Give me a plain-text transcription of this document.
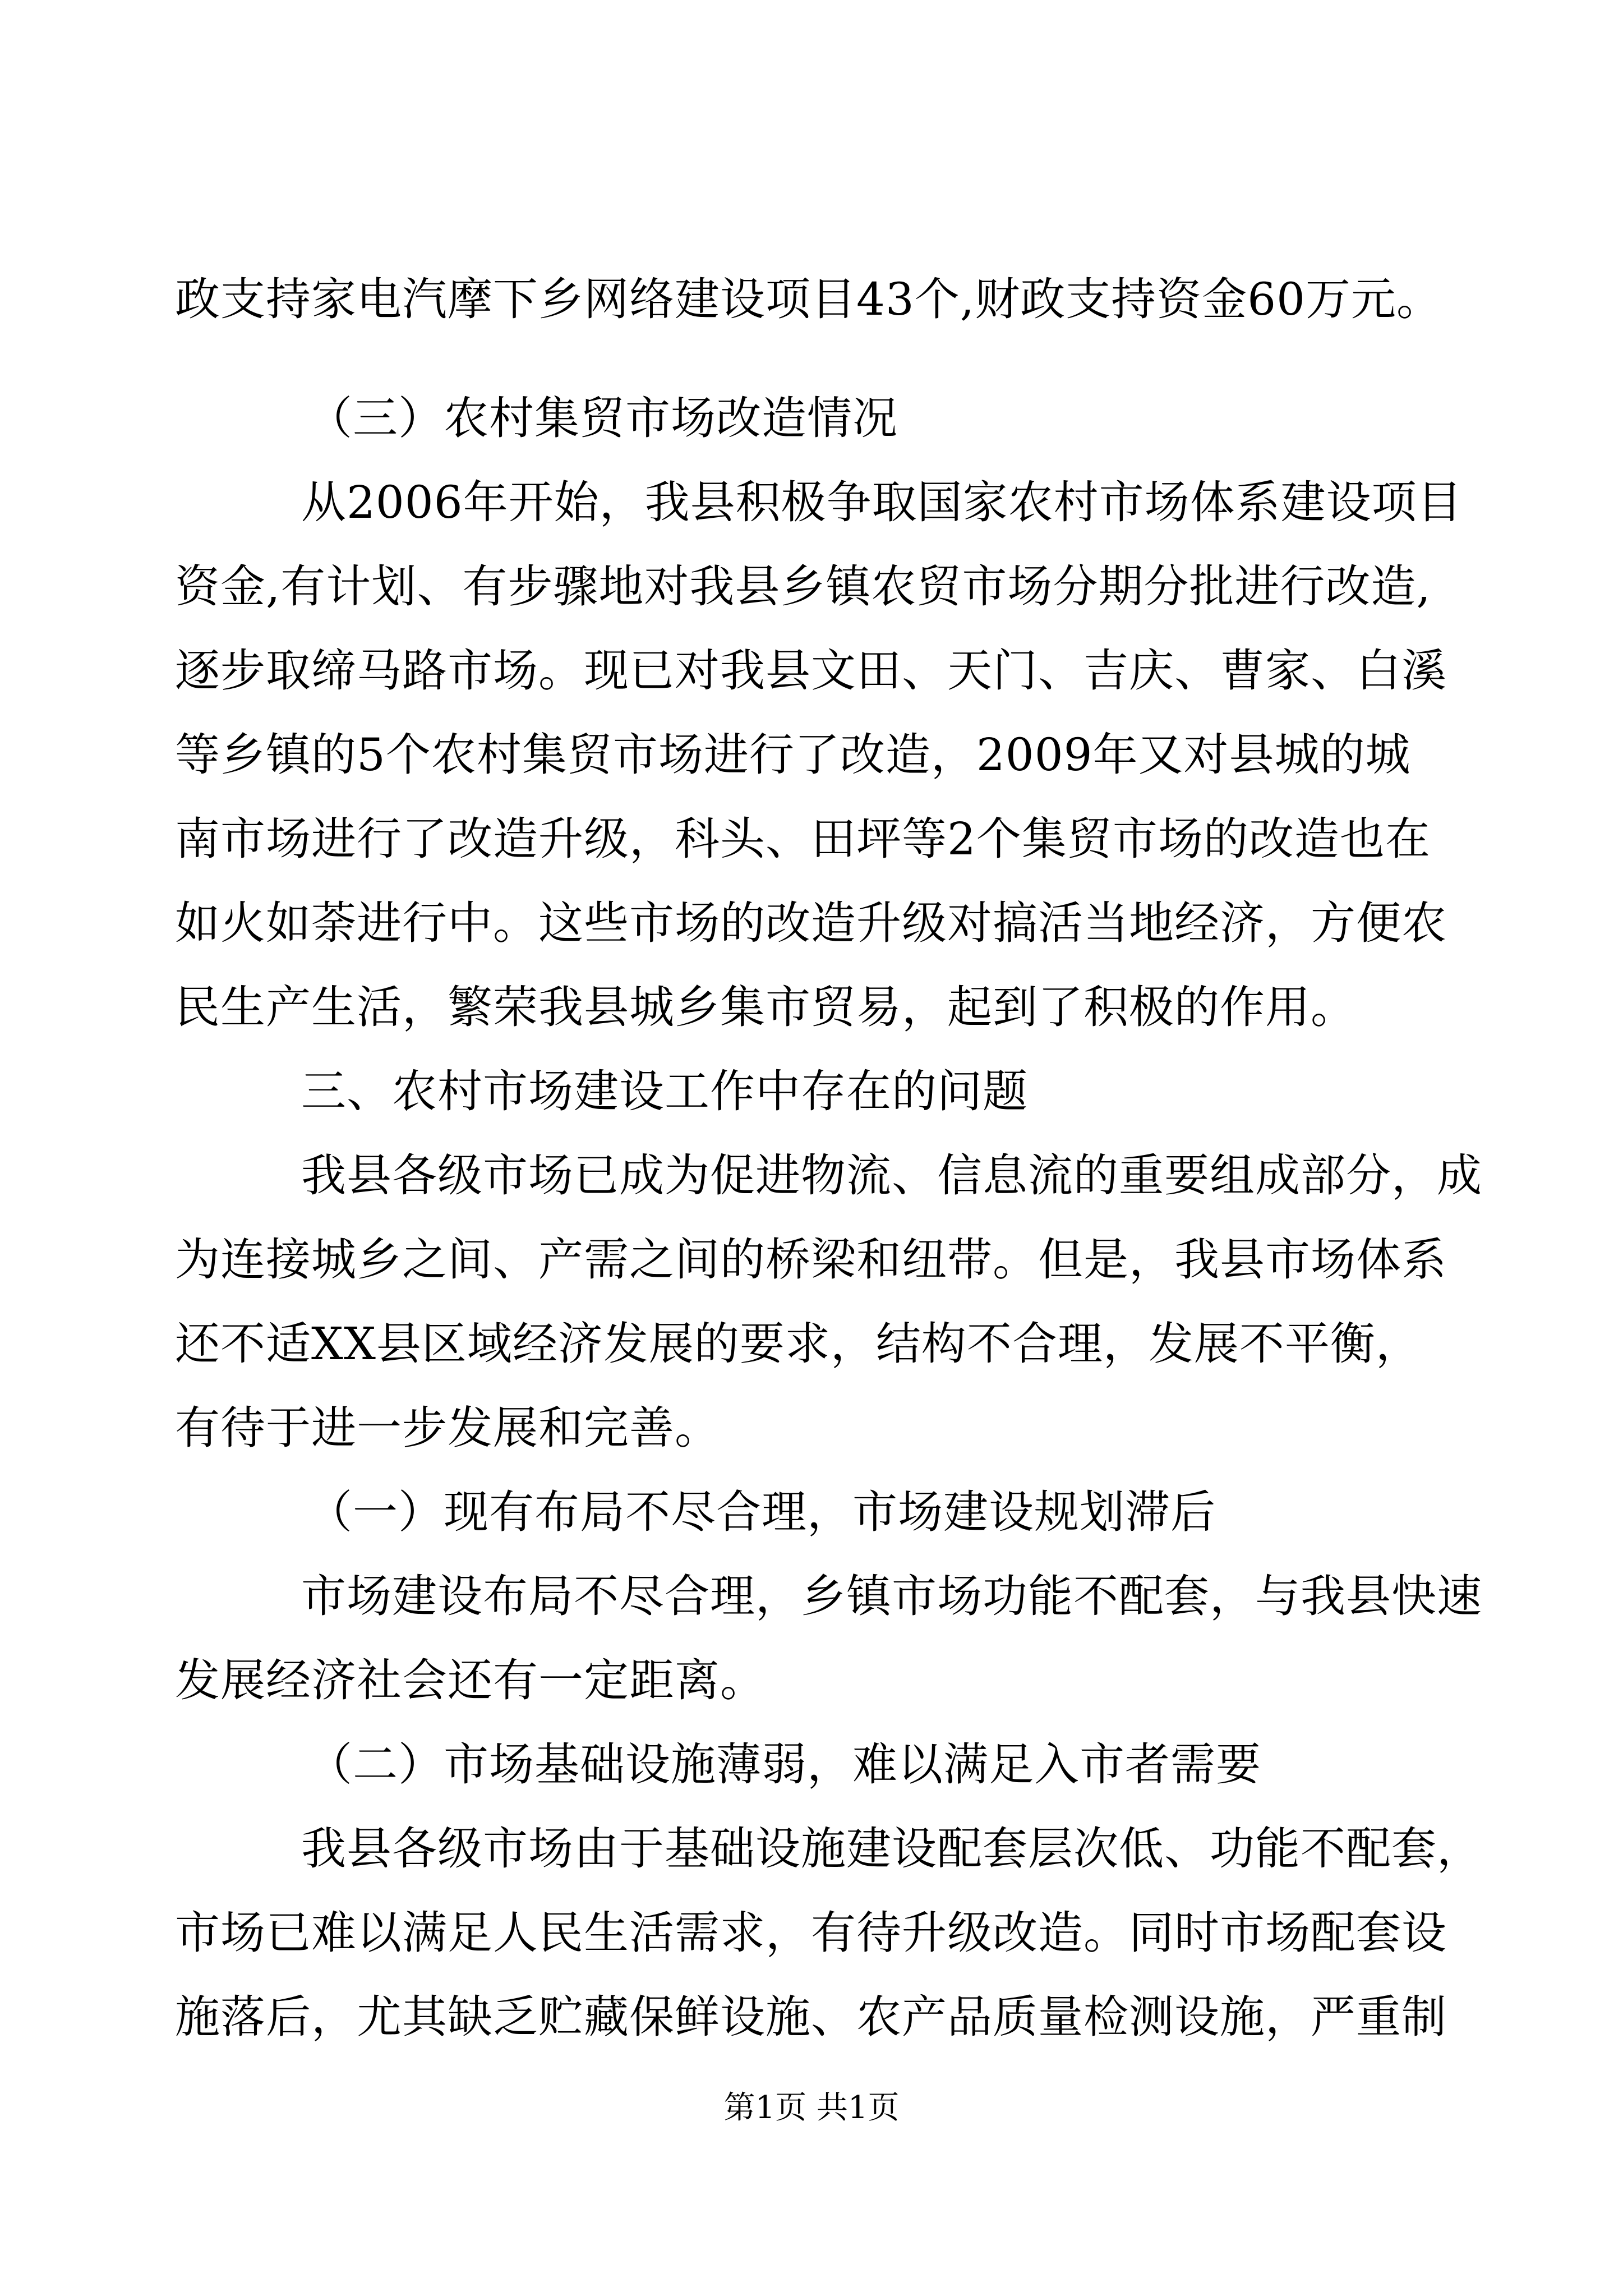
政支持家电汽摩下乡网络建设项目43个,财政支持资金60万元。
（三）农村集贸市场改造情况
从2006年开始，我县积极争取国家农村市场体系建设项目
资金,有计划、有步骤地对我县乡镇农贸市场分期分批进行改造,
逐步取缔马路市场。现已对我县文田、天门、吉庆、曹家、白溪
等乡镇的5个农村集贸市场进行了改造，2009年又对县城的城
南市场进行了改造升级，科头、田坪等2个集贸市场的改造也在
如火如荼进行中。这些市场的改造升级对搞活当地经济，方便农
民生产生活，繁荣我县城乡集市贸易，起到了积极的作用。
三、农村市场建设工作中存在的问题
我县各级市场已成为促进物流、信息流的重要组成部分，成
为连接城乡之间、产需之间的桥梁和纽带。但是，我县市场体系
还不适XX县区域经济发展的要求，结构不合理，发展不平衡，
有待于进一步发展和完善。
（一）现有布局不尽合理，市场建设规划滞后
市场建设布局不尽合理，乡镇市场功能不配套，与我县快速
发展经济社会还有一定距离。
（二）市场基础设施薄弱，难以满足入市者需要
我县各级市场由于基础设施建设配套层次低、功能不配套，
市场已难以满足人民生活需求，有待升级改造。同时市场配套设
施落后，尤其缺乏贮藏保鲜设施、农产品质量检测设施，严重制
第1页 共1页
